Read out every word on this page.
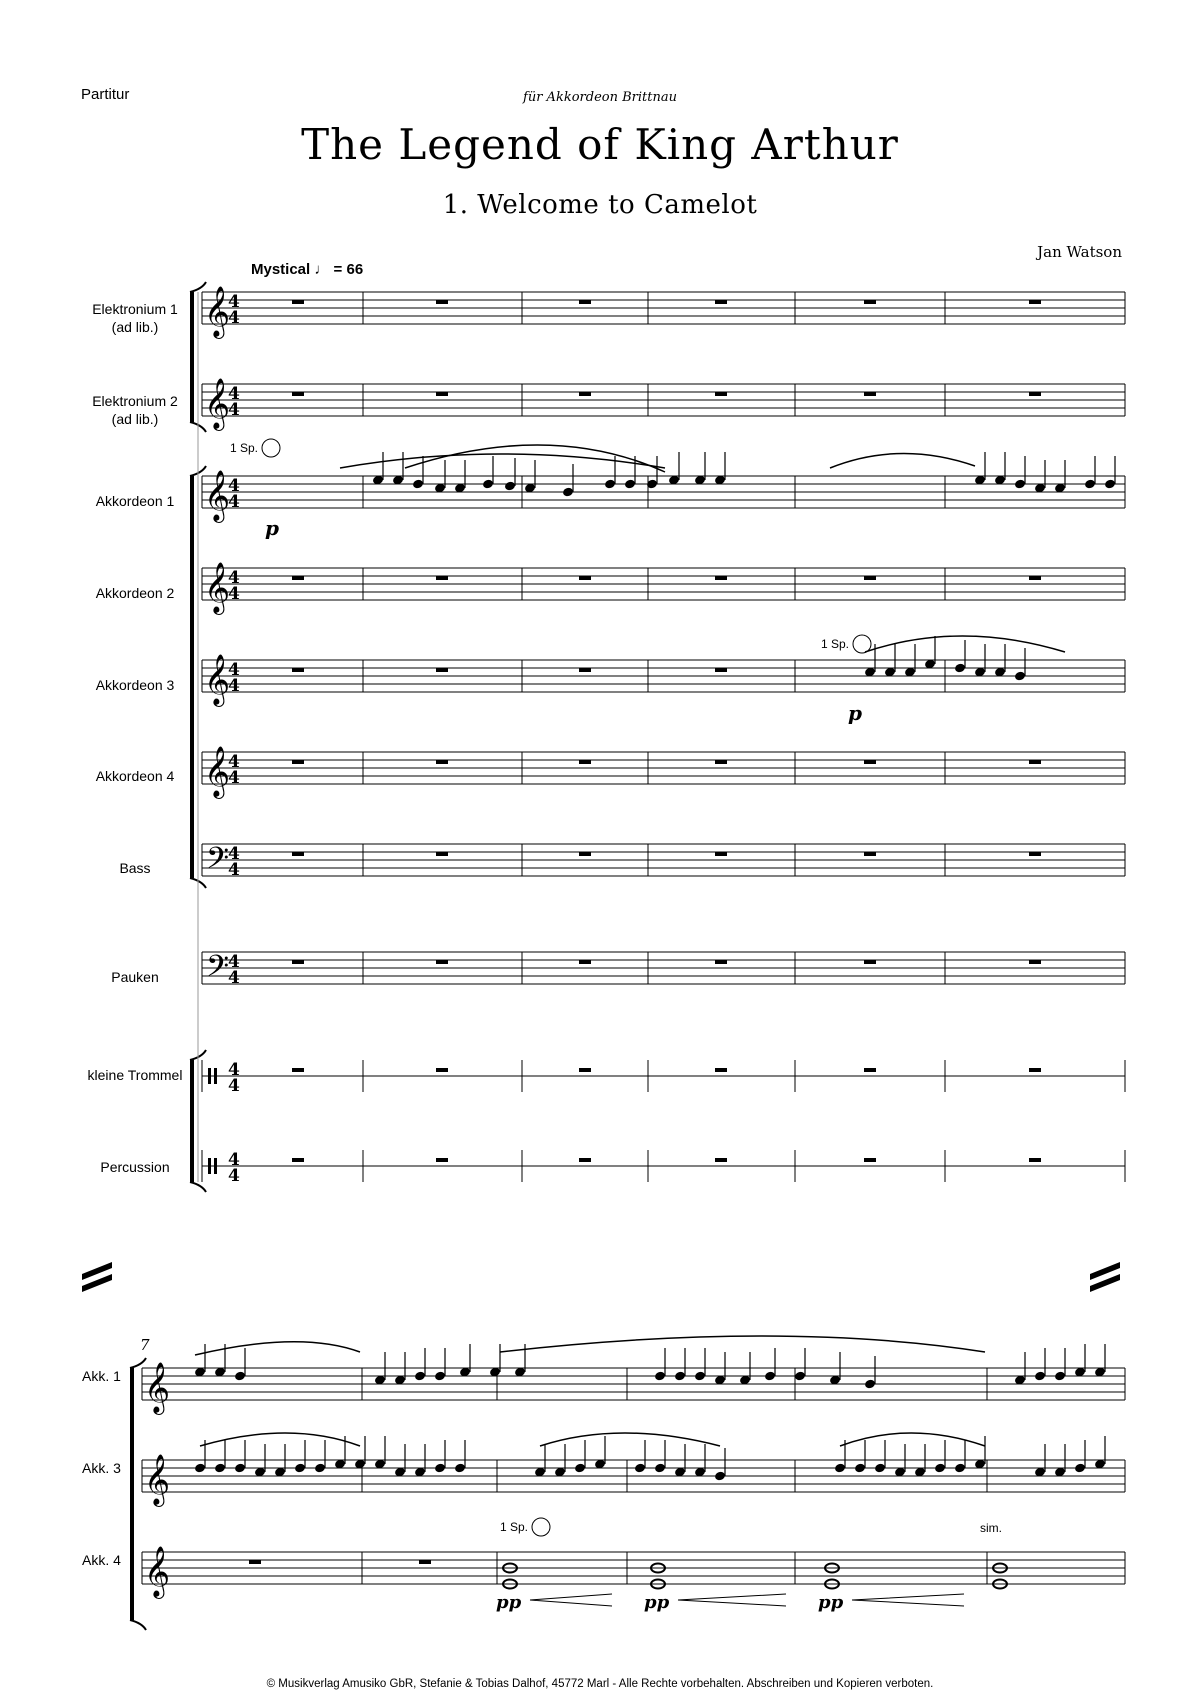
Partitur	für Akkordeon Brittnau
The Legend of King Arthur
1. Welcome to Camelot
Jan Watson
Mystical ♩ = 66
Elektronium 1
(ad lib.)
Elektronium 2
(ad lib.)
Akkordeon 1
Akkordeon 2
Akkordeon 3
Akkordeon 4
Bass
Pauken
kleine Trommel
Percussion
Akk. 1
Akk. 3
Akk. 4
𝄞
4
4
𝄞
4
4
𝄞
4
4
𝄞
4
4
𝄞
4
4
𝄞
4
4
𝄢
4
4
𝄢
4
4
4
4
4
4
𝄞
𝄞
𝄞
p
p
1 Sp.
1 Sp.
7
1 Sp.	sim.
pp	pp	pp
© Musikverlag Amusiko GbR, Stefanie & Tobias Dalhof, 45772 Marl - Alle Rechte vorbehalten. Abschreiben und Kopieren verboten.
